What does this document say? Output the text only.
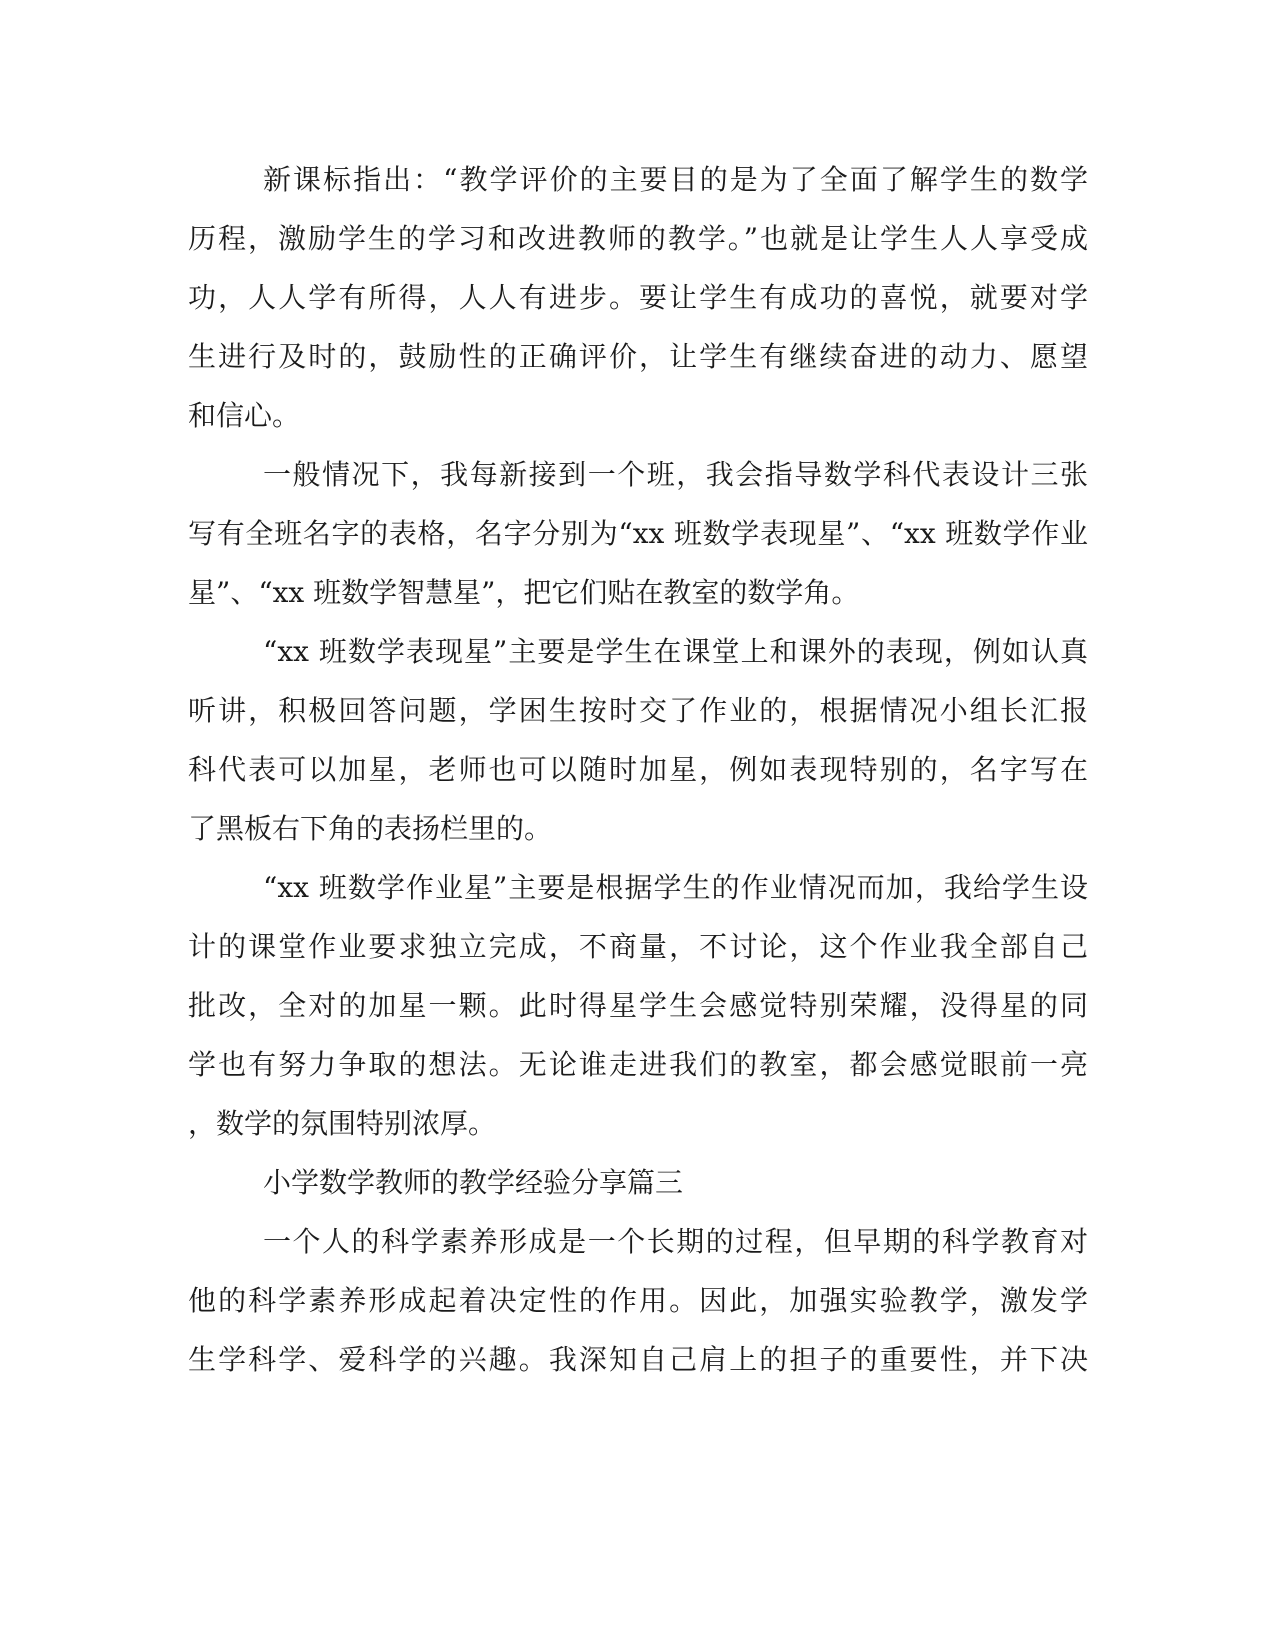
新课标指出：“教学评价的主要目的是为了全面了解学生的数学
历程，激励学生的学习和改进教师的教学。”也就是让学生人人享受成
功，人人学有所得，人人有进步。要让学生有成功的喜悦，就要对学
生进行及时的，鼓励性的正确评价，让学生有继续奋进的动力、愿望
和信心。
一般情况下，我每新接到一个班，我会指导数学科代表设计三张
写有全班名字的表格，名字分别为“xx 班数学表现星”、“xx 班数学作业
星”、“xx 班数学智慧星”，把它们贴在教室的数学角。
“xx 班数学表现星”主要是学生在课堂上和课外的表现，例如认真
听讲，积极回答问题，学困生按时交了作业的，根据情况小组长汇报
科代表可以加星，老师也可以随时加星，例如表现特别的，名字写在
了黑板右下角的表扬栏里的。
“xx 班数学作业星”主要是根据学生的作业情况而加，我给学生设
计的课堂作业要求独立完成，不商量，不讨论，这个作业我全部自己
批改，全对的加星一颗。此时得星学生会感觉特别荣耀，没得星的同
学也有努力争取的想法。无论谁走进我们的教室，都会感觉眼前一亮
，数学的氛围特别浓厚。
小学数学教师的教学经验分享篇三
一个人的科学素养形成是一个长期的过程，但早期的科学教育对
他的科学素养形成起着决定性的作用。因此，加强实验教学，激发学
生学科学、爱科学的兴趣。我深知自己肩上的担子的重要性，并下决
